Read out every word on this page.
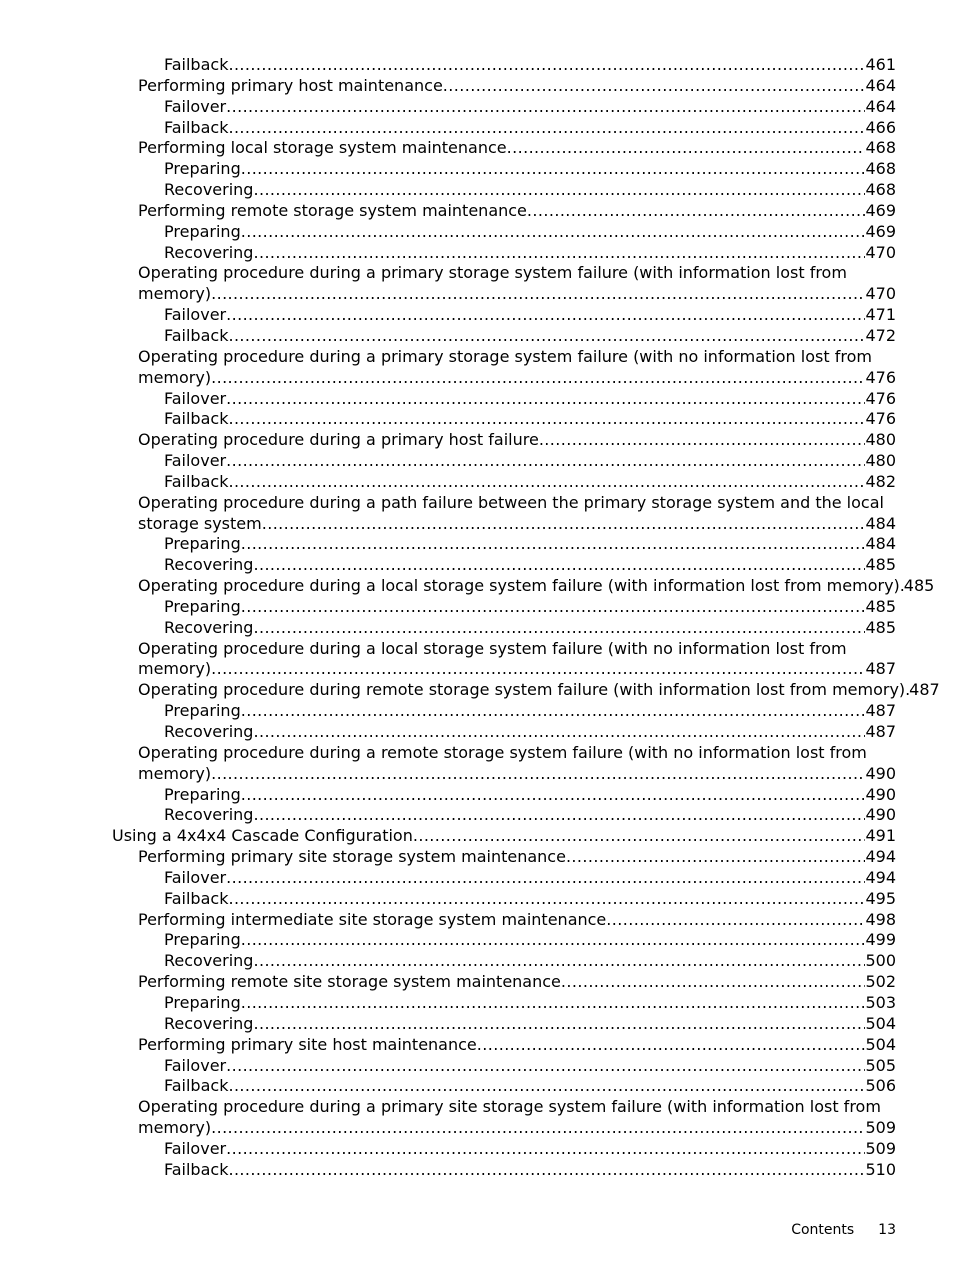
Failback .....	461
Performing primary host maintenance .....	464
Failover .....	464
Failback .....	466
Performing local storage system maintenance .....	468
Preparing .....	468
Recovering .....	468
Performing remote storage system maintenance .....	469
Preparing .....	469
Recovering .....	470
Operating procedure during a primary storage system failure (with information lost from
memory) .....	470
Failover .....	471
Failback .....	472
Operating procedure during a primary storage system failure (with no information lost from
memory) .....	476
Failover .....	476
Failback .....	476
Operating procedure during a primary host failure .....	480
Failover .....	480
Failback .....	482
Operating procedure during a path failure between the primary storage system and the local
storage system .....	484
Preparing .....	484
Recovering .....	485
Operating procedure during a local storage system failure (with information lost from memory) ..... 485
Preparing .....	485
Recovering .....	485
Operating procedure during a local storage system failure (with no information lost from
memory) .....	487
Operating procedure during remote storage system failure (with information lost from memory) ..... 487
Preparing .....	487
Recovering .....	487
Operating procedure during a remote storage system failure (with no information lost from
memory) .....	490
Preparing .....	490
Recovering .....	490
Using a 4x4x4 Cascade Configuration .....	491
Performing primary site storage system maintenance .....	494
Failover .....	494
Failback .....	495
Performing intermediate site storage system maintenance .....	498
Preparing .....	499
Recovering .....	500
Performing remote site storage system maintenance .....	502
Preparing .....	503
Recovering .....	504
Performing primary site host maintenance .....	504
Failover .....	505
Failback .....	506
Operating procedure during a primary site storage system failure (with information lost from
memory) .....	509
Failover .....	509
Failback .....	510
Contents 13
